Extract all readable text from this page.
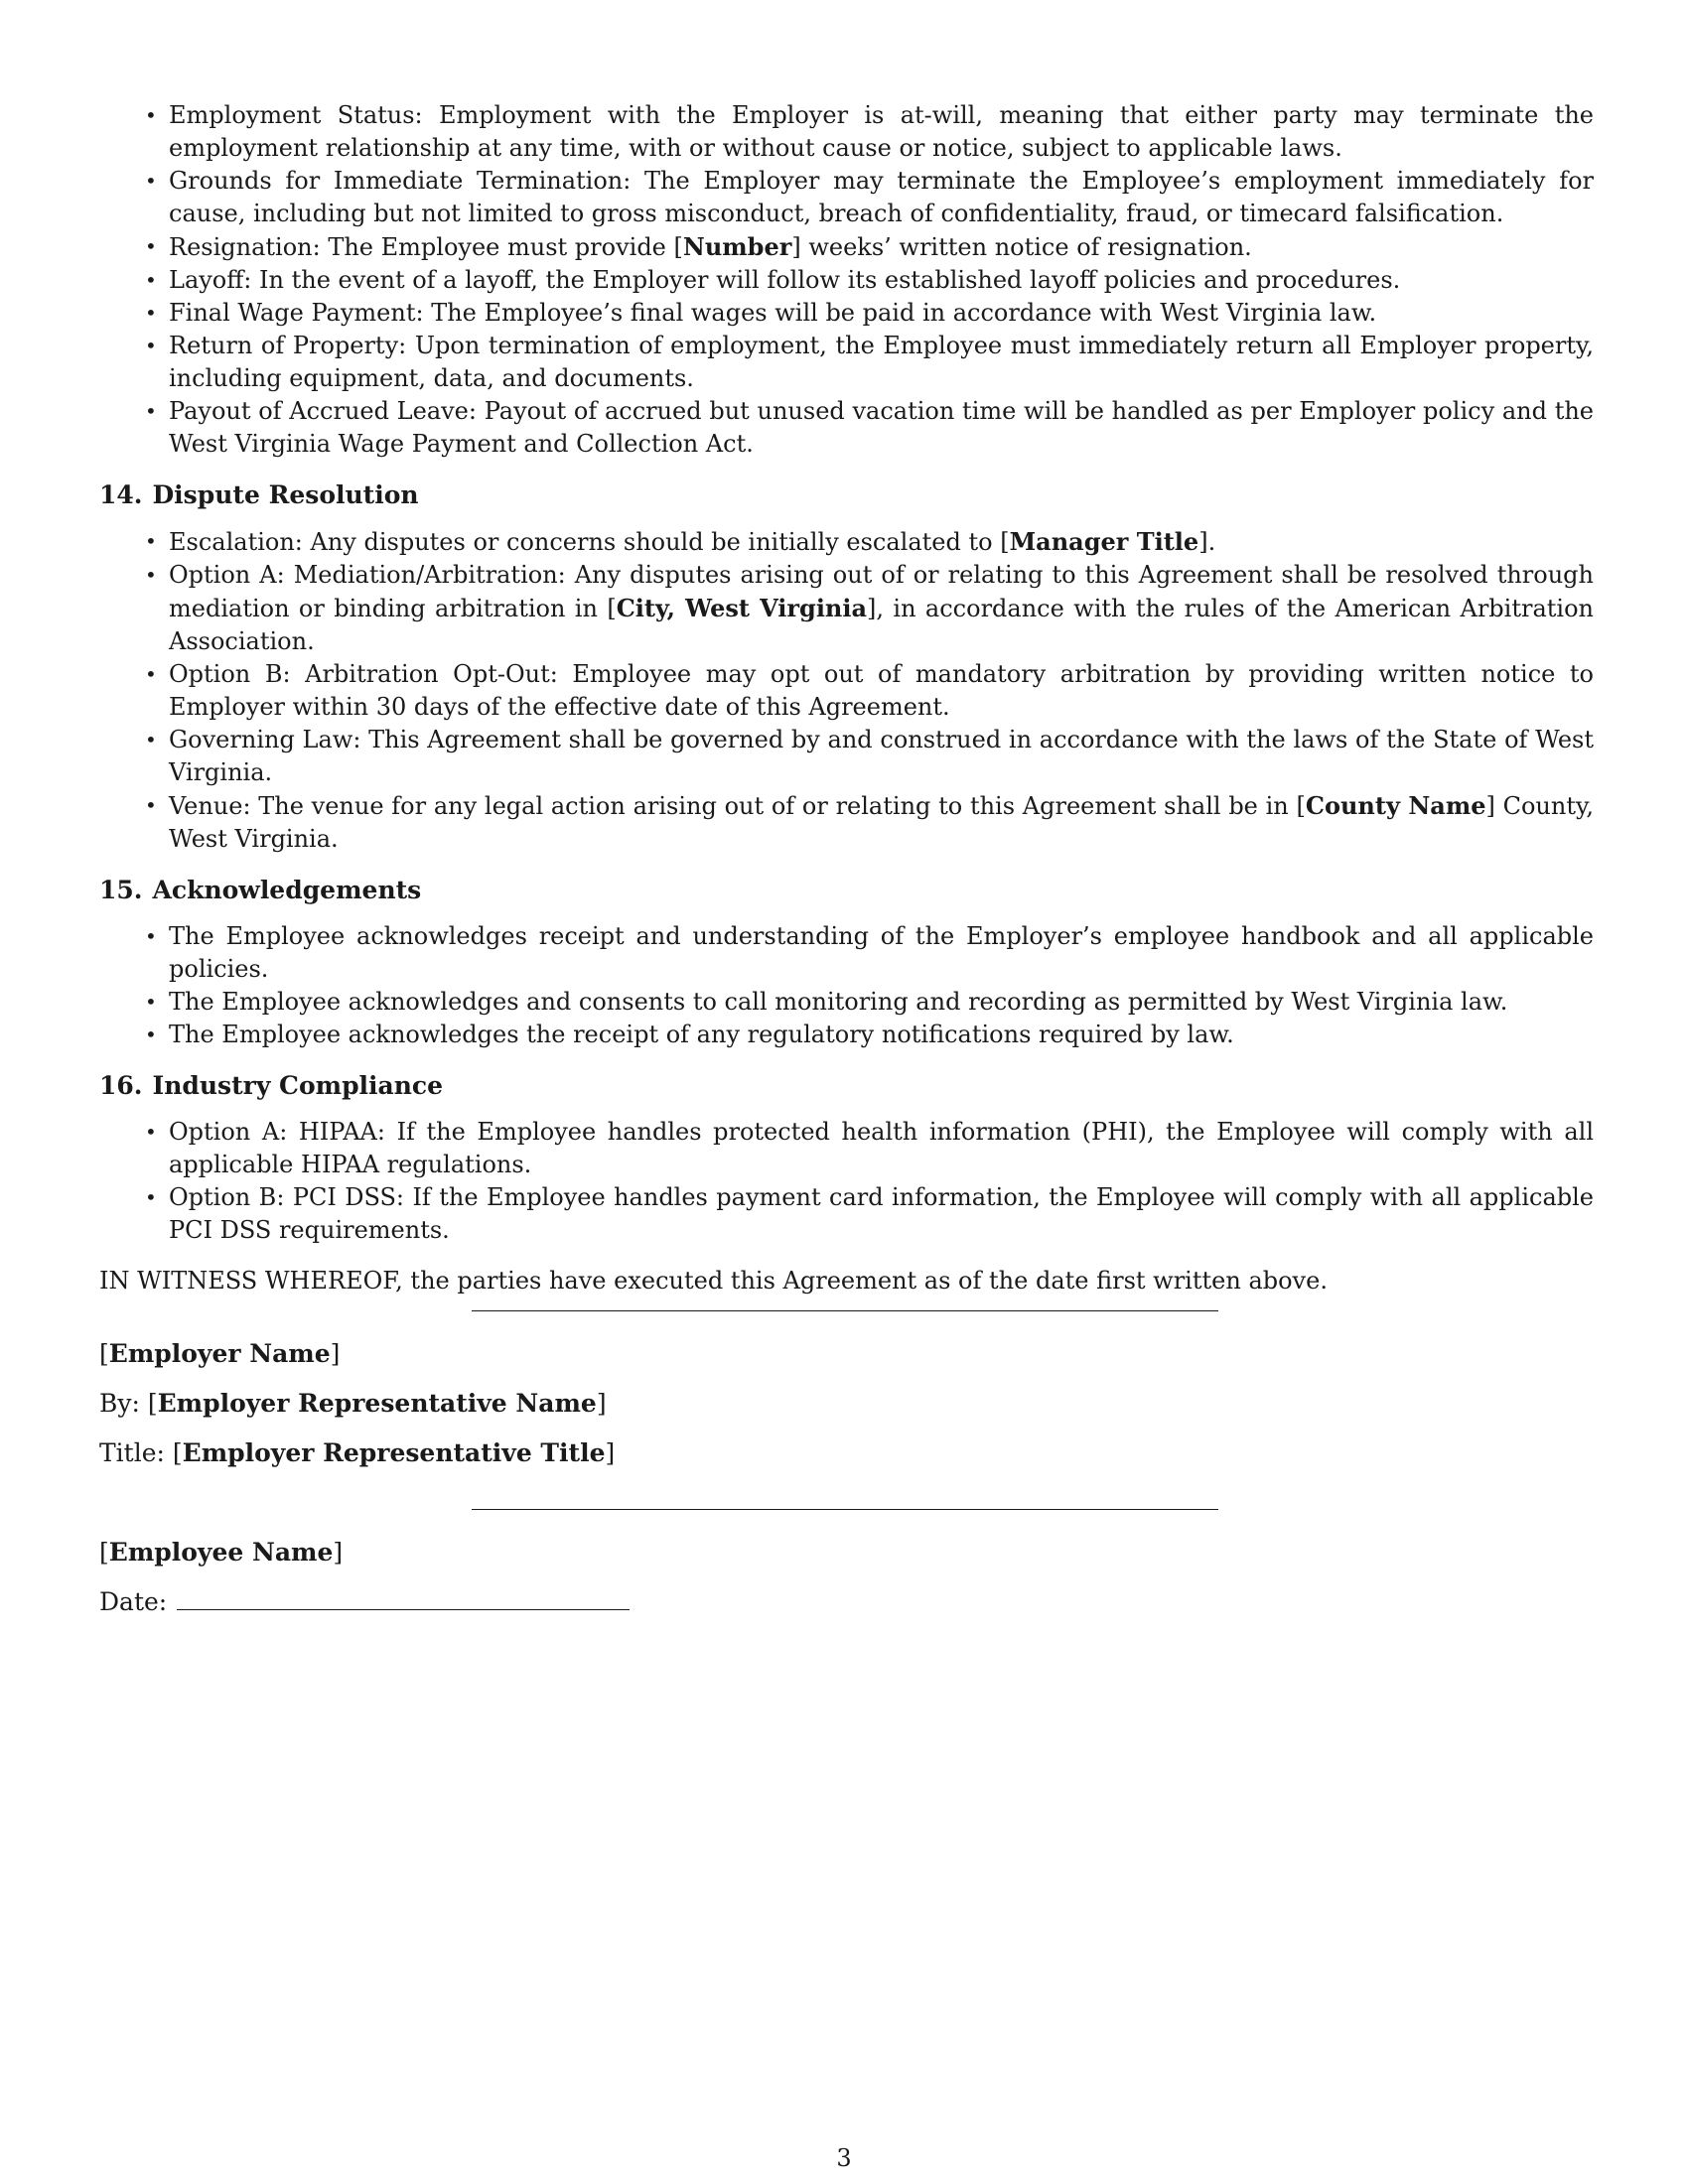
• Employment Status: Employment with the Employer is at-will, meaning that either party may terminate the employment relationship at any time, with or without cause or notice, subject to applicable laws.
• Grounds for Immediate Termination: The Employer may terminate the Employee’s employment immediately for cause, including but not limited to gross misconduct, breach of confidentiality, fraud, or timecard falsification.
• Resignation: The Employee must provide [Number] weeks’ written notice of resignation.
• Layoff: In the event of a layoff, the Employer will follow its established layoff policies and procedures.
• Final Wage Payment: The Employee’s final wages will be paid in accordance with West Virginia law.
• Return of Property: Upon termination of employment, the Employee must immediately return all Employer property, including equipment, data, and documents.
• Payout of Accrued Leave: Payout of accrued but unused vacation time will be handled as per Employer policy and the West Virginia Wage Payment and Collection Act.
14. Dispute Resolution
• Escalation: Any disputes or concerns should be initially escalated to [Manager Title].
• Option A: Mediation/Arbitration: Any disputes arising out of or relating to this Agreement shall be resolved through mediation or binding arbitration in [City, West Virginia], in accordance with the rules of the American Arbitration Association.
• Option B: Arbitration Opt-Out: Employee may opt out of mandatory arbitration by providing written notice to Employer within 30 days of the effective date of this Agreement.
• Governing Law: This Agreement shall be governed by and construed in accordance with the laws of the State of West Virginia.
• Venue: The venue for any legal action arising out of or relating to this Agreement shall be in [County Name] County, West Virginia.
15. Acknowledgements
• The Employee acknowledges receipt and understanding of the Employer’s employee handbook and all applicable policies.
• The Employee acknowledges and consents to call monitoring and recording as permitted by West Virginia law.
• The Employee acknowledges the receipt of any regulatory notifications required by law.
16. Industry Compliance
• Option A: HIPAA: If the Employee handles protected health information (PHI), the Employee will comply with all applicable HIPAA regulations.
• Option B: PCI DSS: If the Employee handles payment card information, the Employee will comply with all applicable PCI DSS requirements.
IN WITNESS WHEREOF, the parties have executed this Agreement as of the date first written above.
[Employer Name]
By: [Employer Representative Name]
Title: [Employer Representative Title]
[Employee Name]
Date:
3
